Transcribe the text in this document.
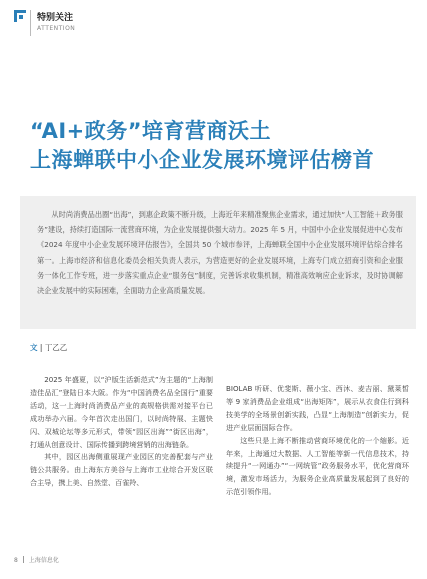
特别关注
ATTENTION
“AI+政务”培育营商沃土
上海蝉联中小企业发展环境评估榜首

从时尚消费品出圈“出海”，到惠企政策不断升级，上海近年来精准聚焦企业需求，通过加快“人工智能＋政务服务”建设，持续打造国际一流营商环境，为企业发展提供强大动力。2025 年 5 月，中国中小企业发展促进中心发布《2024 年度中小企业发展环境评估报告》，全国共 50 个城市参评，上海蝉联全国中小企业发展环境评估综合排名第一。上海市经济和信息化委员会相关负责人表示，为营造更好的企业发展环境，上海专门成立招商引资和企业服务一体化工作专班，进一步落实重点企业“服务包”制度，完善诉求收集机制，精准高效响应企业诉求，及时协调解决企业发展中的实际困难，全面助力企业高质量发展。

文 | 丁乙乙

2025 年盛夏，以“沪版生活新范式”为主题的“上海制造佳品汇”登陆日本大阪。作为“中国消费名品全国行”重要活动，这一上海时尚消费品产业的高规格供需对接平台已成功举办六届。今年首次走出国门，以时尚特展、主题快闪、双城论坛等多元形式，带领“园区出海”“街区出海”，打通从创意设计、国际传播到跨境营销的出海链条。

其中，园区出海侧重展现产业园区的完善配套与产业链公共服务。由上海东方美谷与上海市工业综合开发区联合主导，携上美、自然堂、百雀羚、

BIOLAB 听研、优斐斯、薇小宝、西沐、麦吉丽、黛莱皙等 9 家消费品企业组成“出海矩阵”，展示从衣食住行到科技美学的全场景创新实践，凸显“上海制造”创新实力，促进产业层面国际合作。

这些只是上海不断推动营商环境优化的一个缩影。近年来，上海通过大数据、人工智能等新一代信息技术，持续提升“一网通办”“一网统管”政务服务水平，优化营商环境，激发市场活力，为服务企业高质量发展起到了良好的示范引领作用。

8 上海信息化
